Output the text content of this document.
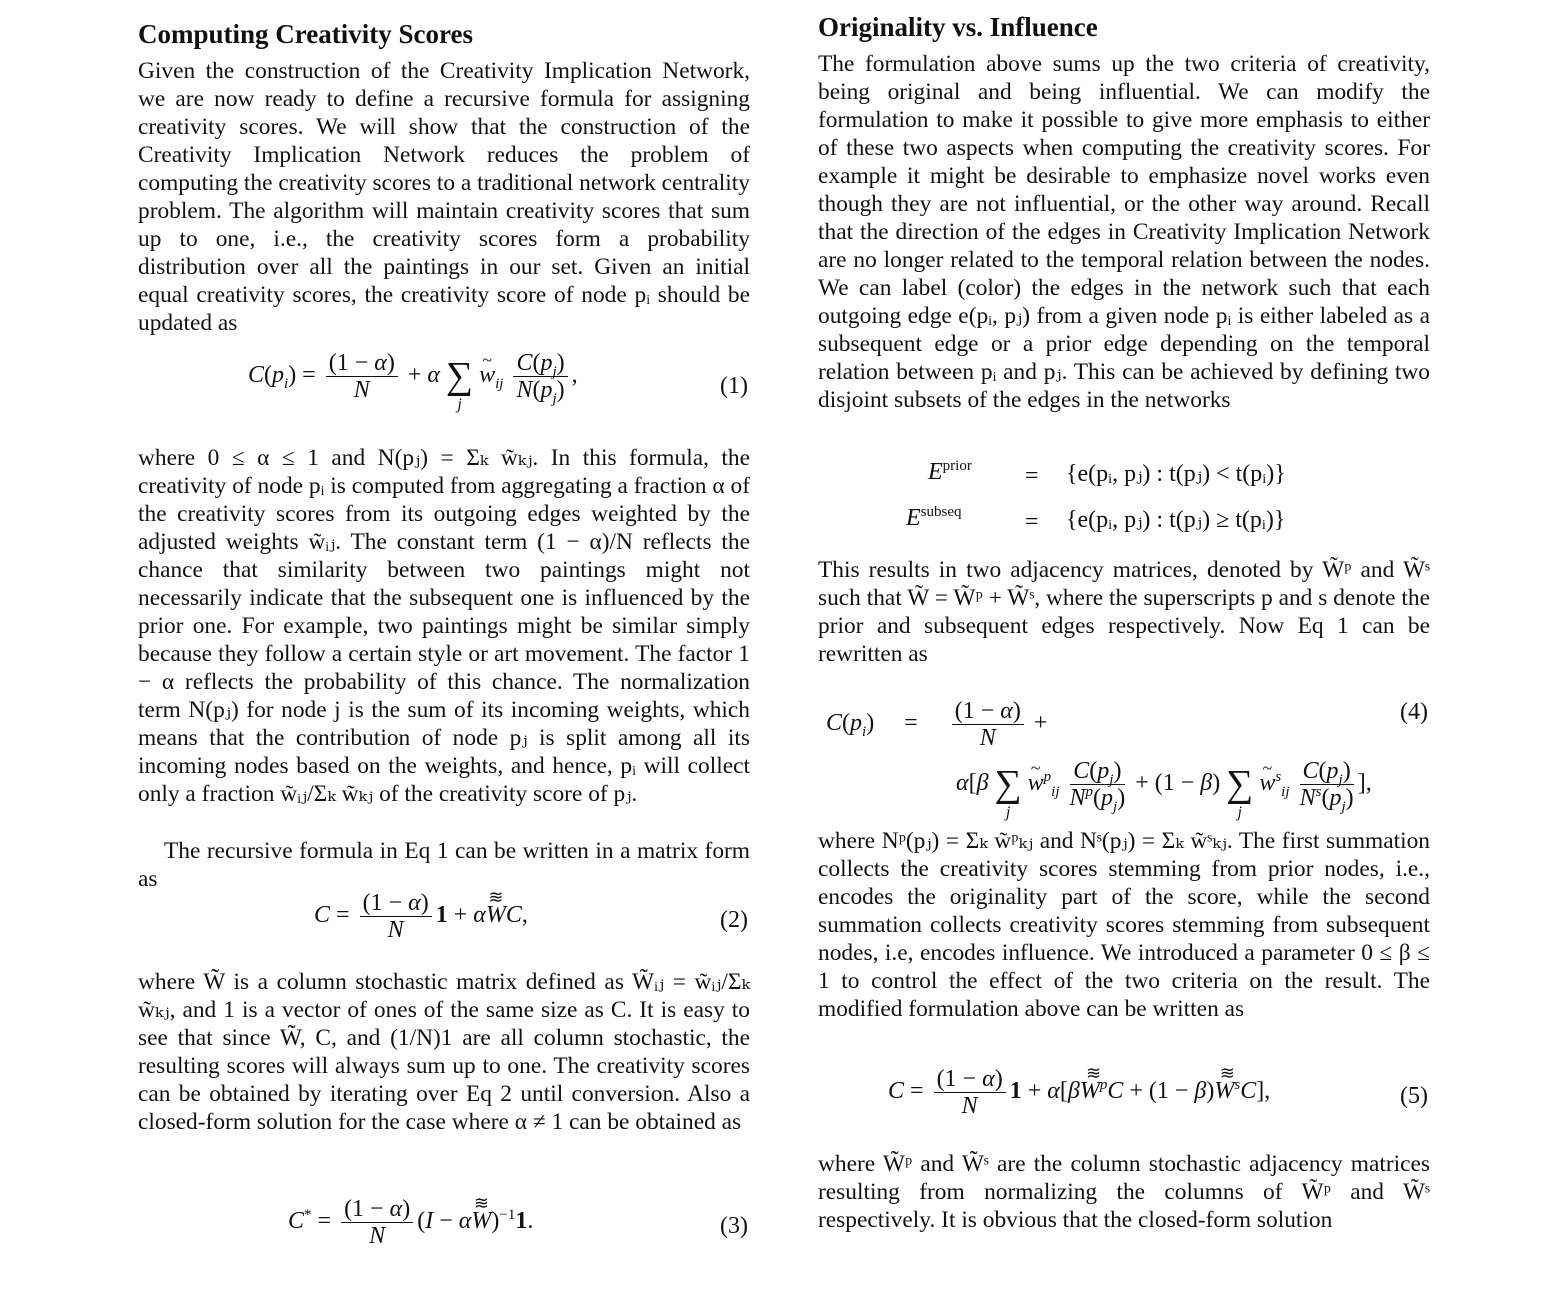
Computing Creativity Scores

Given the construction of the Creativity Implication Network, we are now ready to define a recursive formula for assigning creativity scores. We will show that the construction of the Creativity Implication Network reduces the problem of computing the creativity scores to a traditional network centrality problem. The algorithm will maintain creativity scores that sum up to one, i.e., the creativity scores form a probability distribution over all the paintings in our set. Given an initial equal creativity scores, the creativity score of node pᵢ should be updated as

$C(p_i) = \frac{(1 - \alpha)}{N} + \alpha$ ∑
j
~ $w_{ij} \frac{C(p_j)}{N(p_j)}$ ,	(1)

where 0 ≤ α ≤ 1 and N(pⱼ) = Σₖ w̃ₖⱼ. In this formula, the creativity of node pᵢ is computed from aggregating a fraction α of the creativity scores from its outgoing edges weighted by the adjusted weights w̃ᵢⱼ. The constant term (1 − α)/N reflects the chance that similarity between two paintings might not necessarily indicate that the subsequent one is influenced by the prior one. For example, two paintings might be similar simply because they follow a certain style or art movement. The factor 1 − α reflects the probability of this chance. The normalization term N(pⱼ) for node j is the sum of its incoming weights, which means that the contribution of node pⱼ is split among all its incoming nodes based on the weights, and hence, pᵢ will collect only a fraction w̃ᵢⱼ/Σₖ w̃ₖⱼ of the creativity score of pⱼ.

The recursive formula in Eq 1 can be written in a matrix form as

$C = \frac{(1 - \alpha)}{N} 1$ + α≋ WC,	(2)

where W̃̃ is a column stochastic matrix defined as W̃̃ᵢⱼ = w̃ᵢⱼ/Σₖ w̃ₖⱼ, and 1 is a vector of ones of the same size as C. It is easy to see that since W̃̃, C, and (1/N)1 are all column stochastic, the resulting scores will always sum up to one. The creativity scores can be obtained by iterating over Eq 2 until conversion. Also a closed-form solution for the case where α ≠ 1 can be obtained as

$C^* = \frac{(1 - \alpha)}{N} (I$ − α≋ W)$^{-1}$1.	(3)
Originality vs. Influence

The formulation above sums up the two criteria of creativity, being original and being influential. We can modify the formulation to make it possible to give more emphasis to either of these two aspects when computing the creativity scores. For example it might be desirable to emphasize novel works even though they are not influential, or the other way around. Recall that the direction of the edges in Creativity Implication Network are no longer related to the temporal relation between the nodes. We can label (color) the edges in the network such that each outgoing edge e(pᵢ, pⱼ) from a given node pᵢ is either labeled as a subsequent edge or a prior edge depending on the temporal relation between pᵢ and pⱼ. This can be achieved by defining two disjoint subsets of the edges in the networks

$E^{prior}$ = {e(pᵢ, pⱼ) : t(pⱼ) < t(pᵢ)}
$E^{subseq}$	= {e(pᵢ, pⱼ) : t(pⱼ) ≥ t(pᵢ)}

This results in two adjacency matrices, denoted by W̃ᵖ and W̃ˢ such that W̃ = W̃ᵖ + W̃ˢ, where the superscripts p and s denote the prior and subsequent edges respectively. Now Eq 1 can be rewritten as

$C(p_i)$     = $\frac{(1 - \alpha)}{N}$ +	(4)
α[β ∑
j
~ $w^p_{ij} \frac{C(p_j)}{N^p(p_j)} + (1 - \beta)$ ∑
j
~ $w^s_{ij} \frac{C(p_j)}{N^s(p_j)}$ ],

where Nᵖ(pⱼ) = Σₖ w̃ᵖₖⱼ and Nˢ(pⱼ) = Σₖ w̃ˢₖⱼ. The first summation collects the creativity scores stemming from prior nodes, i.e., encodes the originality part of the score, while the second summation collects creativity scores stemming from subsequent nodes, i.e, encodes influence. We introduced a parameter 0 ≤ β ≤ 1 to control the effect of the two criteria on the result. The modified formulation above can be written as

$C = \frac{(1 - \alpha)}{N} 1$ + α[β≋ $W^pC + (1$ − β)≋ $W^sC$],	(5)

where W̃̃ᵖ and W̃̃ˢ are the column stochastic adjacency matrices resulting from normalizing the columns of W̃ᵖ and W̃ˢ respectively. It is obvious that the closed-form solution
